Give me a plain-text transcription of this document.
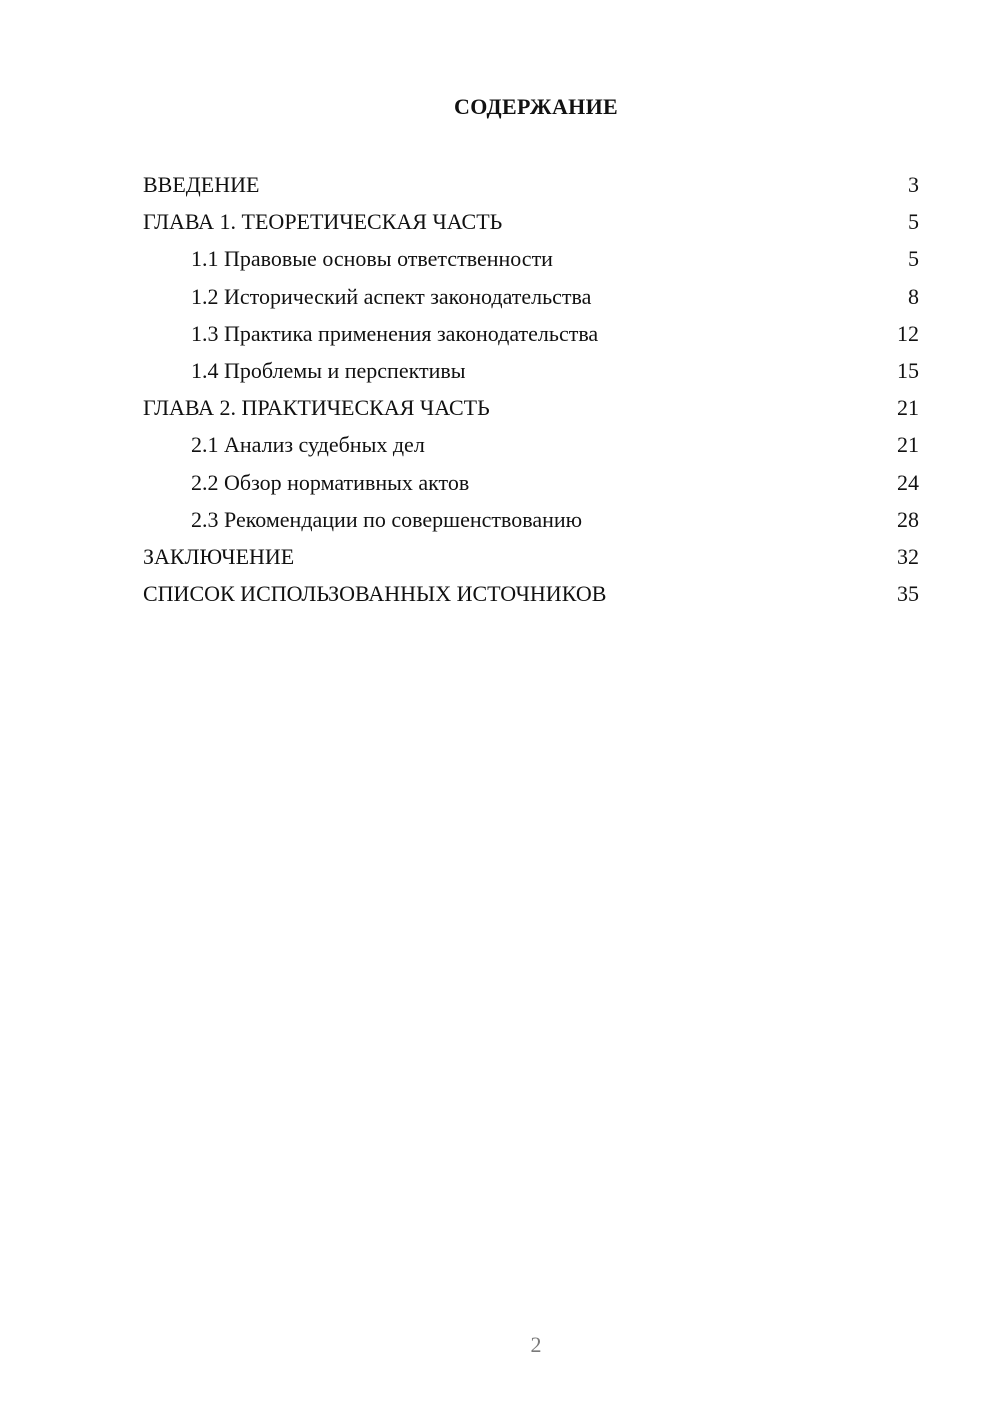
СОДЕРЖАНИЕ
ВВЕДЕНИЕ	3
ГЛАВА 1. ТЕОРЕТИЧЕСКАЯ ЧАСТЬ	5
1.1 Правовые основы ответственности	5
1.2 Исторический аспект законодательства	8
1.3 Практика применения законодательства	12
1.4 Проблемы и перспективы	15
ГЛАВА 2. ПРАКТИЧЕСКАЯ ЧАСТЬ	21
2.1 Анализ судебных дел	21
2.2 Обзор нормативных актов	24
2.3 Рекомендации по совершенствованию	28
ЗАКЛЮЧЕНИЕ	32
СПИСОК ИСПОЛЬЗОВАННЫХ ИСТОЧНИКОВ	35
2
